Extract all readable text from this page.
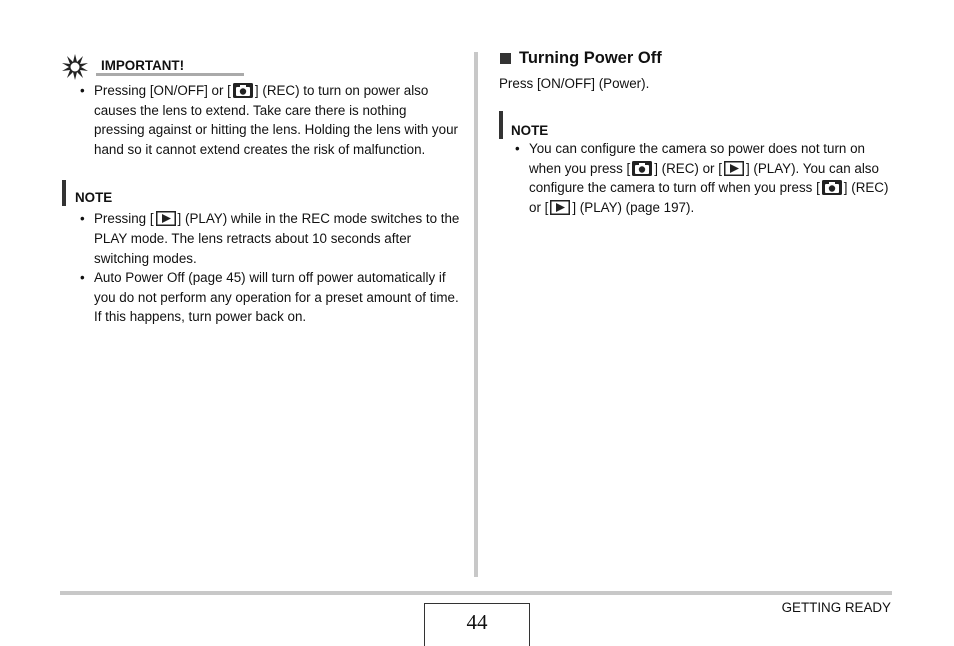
IMPORTANT!
• Pressing [ON/OFF] or [ ] (REC) to turn on power also causes the lens to extend. Take care there is nothing pressing against or hitting the lens. Holding the lens with your hand so it cannot extend creates the risk of malfunction.
NOTE
• Pressing [ ] (PLAY) while in the REC mode switches to the PLAY mode. The lens retracts about 10 seconds after switching modes.
• Auto Power Off (page 45) will turn off power automatically if you do not perform any operation for a preset amount of time. If this happens, turn power back on.
Turning Power Off
Press [ON/OFF] (Power).
NOTE
• You can configure the camera so power does not turn on when you press [ ] (REC) or [ ] (PLAY). You can also configure the camera to turn off when you press [ ] (REC) or [ ] (PLAY) (page 197).
44
GETTING READY
